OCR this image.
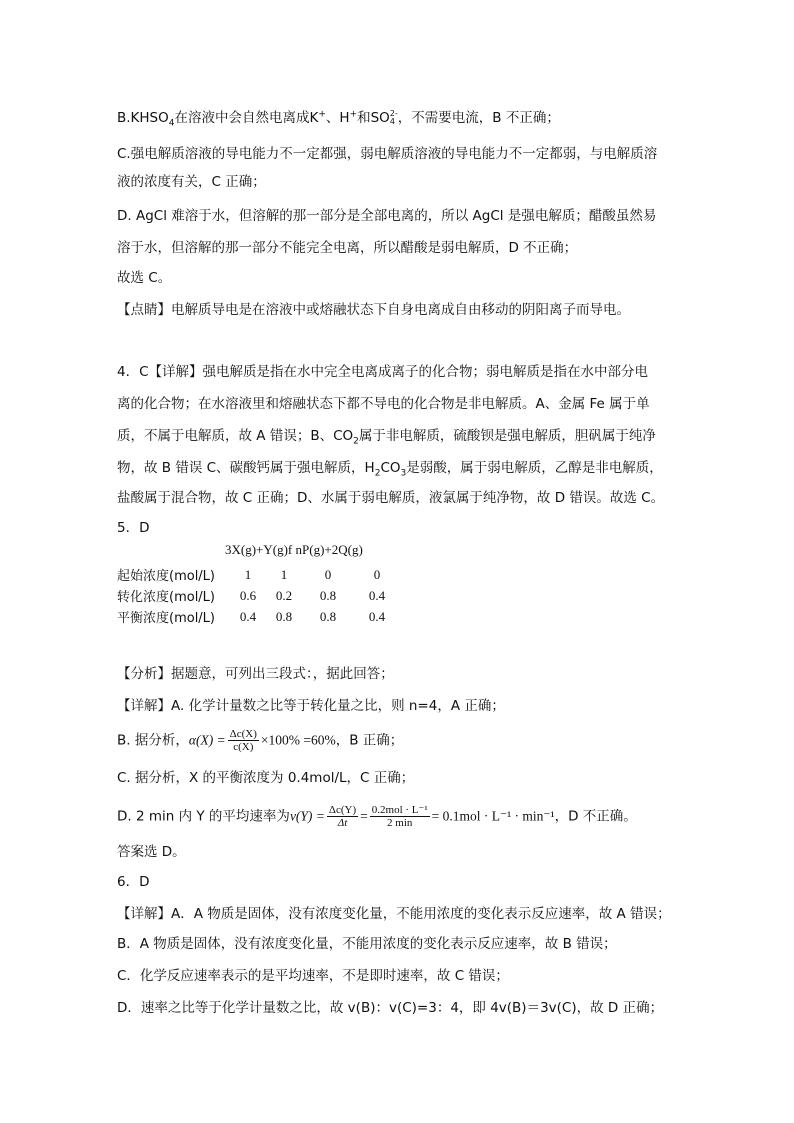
$B.KHSO_4$在溶液中会自然电离成K+、H+和SO 2-
4 ，不需要电流，B 不正确；
C.强电解质溶液的导电能力不一定都强，弱电解质溶液的导电能力不一定都弱，与电解质溶
液的浓度有关，C 正确；
D. AgCl 难溶于水，但溶解的那一部分是全部电离的，所以 AgCl 是强电解质；醋酸虽然易
溶于水，但溶解的那一部分不能完全电离，所以醋酸是弱电解质，D 不正确；
故选 C。
【点睛】电解质导电是在溶液中或熔融状态下自身电离成自由移动的阴阳离子而导电。
4．C【详解】强电解质是指在水中完全电离成离子的化合物；弱电解质是指在水中部分电
离的化合物；在水溶液里和熔融状态下都不导电的化合物是非电解质。A、金属 Fe 属于单
质，不属于电解质，故 A 错误；B、$CO_2$属于非电解质，硫酸钡是强电解质，胆矾属于纯净
物，故 B 错误 C、碳酸钙属于强电解质，$H_2CO_3$是弱酸，属于弱电解质，乙醇是非电解质，
盐酸属于混合物，故 C 正确；D、水属于弱电解质，液氯属于纯净物，故 D 错误。故选 C。
5．D
3X(g)+Y(g)f nP(g)+2Q(g)
起始浓度(mol/L)	1	1	0	0
转化浓度(mol/L)	0.6	0.2	0.8	0.4
平衡浓度(mol/L)	0.4	0.8	0.8	0.4
【分析】据题意，可列出三段式：，据此回答；
【详解】A. 化学计量数之比等于转化量之比，则 n=4，A 正确；
B. 据分析，$\alpha(X) = \frac{\Delta c(X)}{c(X)} \times 100\% =60\%$，B 正确；
C. 据分析，X 的平衡浓度为 0.4mol/L，C 正确；
D. 2 min 内 Y 的平均速率为$v(Y) = \frac{\Delta c(Y)}{\Delta t} = \frac{\text{0.2mol · L⁻¹}}{2 \min} = 0.1mol \cdot L^{-1} \cdot \min^{-1}$，D 不正确。
答案选 D。
6．D
【详解】A．A 物质是固体，没有浓度变化量，不能用浓度的变化表示反应速率，故 A 错误；
B．A 物质是固体，没有浓度变化量，不能用浓度的变化表示反应速率，故 B 错误；
C．化学反应速率表示的是平均速率，不是即时速率，故 C 错误；
D．速率之比等于化学计量数之比，故 v(B)：v(C)=3：4，即 4v(B)＝3v(C)，故 D 正确；
